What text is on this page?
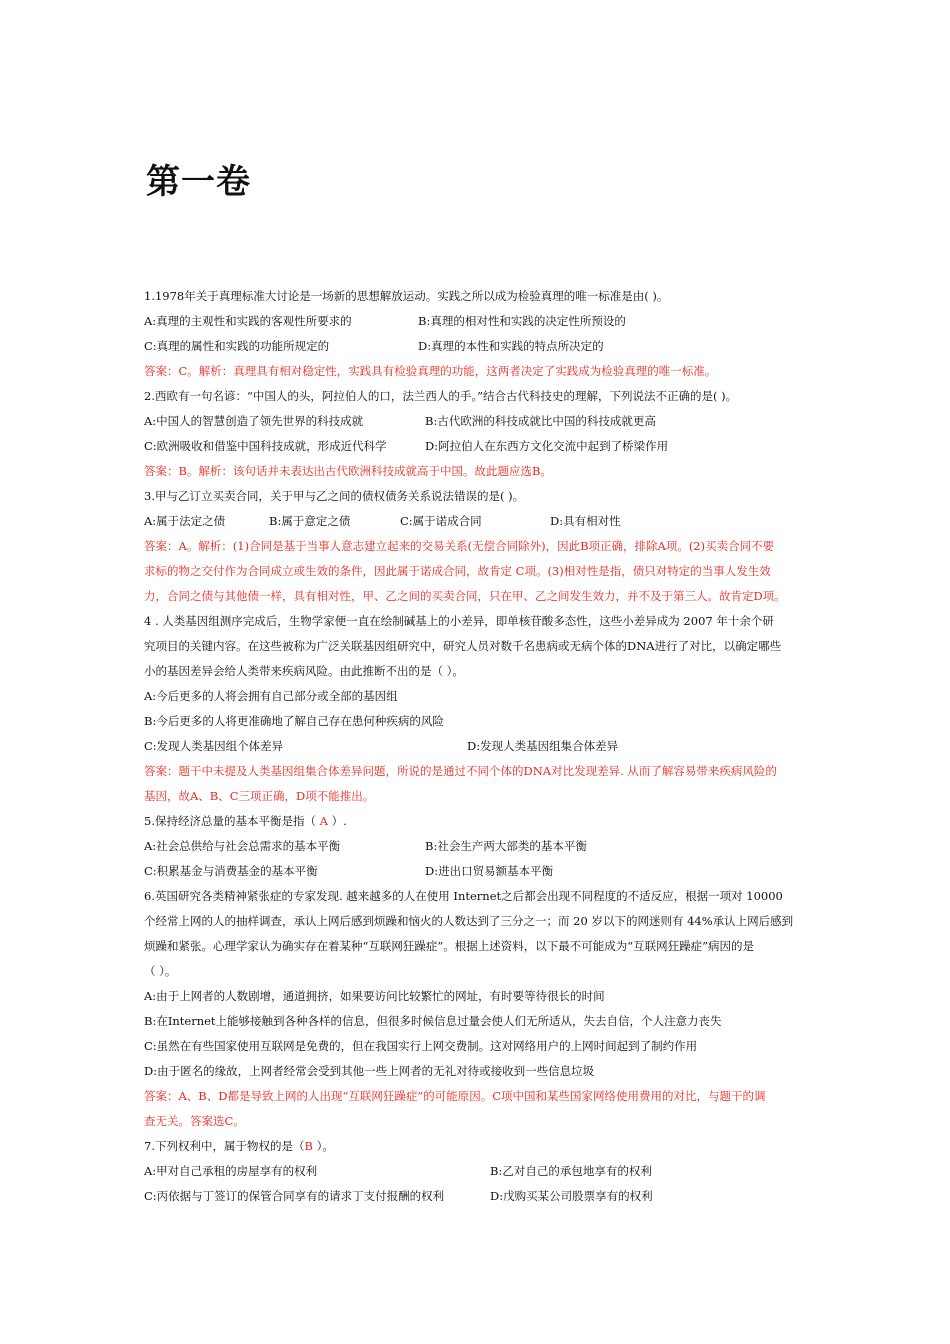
第一卷
1.1978年关于真理标准大讨论是一场新的思想解放运动。实践之所以成为检验真理的唯一标准是由( )。
A:真理的主观性和实践的客观性所要求的	B:真理的相对性和实践的决定性所预设的
C:真理的属性和实践的功能所规定的	D:真理的本性和实践的特点所决定的
答案：C。解析：真理具有相对稳定性，实践具有检验真理的功能，这两者决定了实践成为检验真理的唯一标准。
2.西欧有一句名谚：“中国人的头，阿拉伯人的口，法兰西人的手。”结合古代科技史的理解，下列说法不正确的是( )。
A:中国人的智慧创造了领先世界的科技成就	B:古代欧洲的科技成就比中国的科技成就更高
C:欧洲吸收和借鉴中国科技成就，形成近代科学	D:阿拉伯人在东西方文化交流中起到了桥梁作用
答案：B。解析：该句话并未表达出古代欧洲科技成就高于中国。故此题应选B。
3.甲与乙订立买卖合同，关于甲与乙之间的债权债务关系说法错误的是( )。
A:属于法定之债	B:属于意定之债	C:属于诺成合同	D:具有相对性
答案：A。解析：(1)合同是基于当事人意志建立起来的交易关系(无偿合同除外)，因此B项正确，排除A项。(2)买卖合同不要
求标的物之交付作为合同成立或生效的条件，因此属于诺成合同，故肯定 C项。(3)相对性是指，债只对特定的当事人发生效
力，合同之债与其他债一样，具有相对性，甲、乙之间的买卖合同，只在甲、乙之间发生效力，并不及于第三人。故肯定D项。
4 . 人类基因组测序完成后，生物学家便一直在绘制碱基上的小差异，即单核苷酸多态性，这些小差异成为 2007 年十余个研
究项目的关键内容。在这些被称为广泛关联基因组研究中，研究人员对数千名患病或无病个体的DNA进行了对比，以确定哪些
小的基因差异会给人类带来疾病风险。由此推断不出的是（ ）。
A:今后更多的人将会拥有自己部分或全部的基因组
B:今后更多的人将更准确地了解自己存在患何种疾病的风险
C:发现人类基因组个体差异	D:发现人类基因组集合体差异
答案：题干中未提及人类基因组集合体差异问题，所说的是通过不同个体的DNA对比发现差异. 从而了解容易带来疾病风险的
基因，故A、B、C三项正确，D项不能推出。
5.保持经济总量的基本平衡是指（ A ）.
A:社会总供给与社会总需求的基本平衡	B:社会生产两大部类的基本平衡
C:积累基金与消费基金的基本平衡	D:进出口贸易额基本平衡
6.英国研究各类精神紧张症的专家发现. 越来越多的人在使用 Internet之后都会出现不同程度的不适反应，根据一项对 10000
个经常上网的人的抽样调查，承认上网后感到烦躁和恼火的人数达到了三分之一；而 20 岁以下的网迷则有 44%承认上网后感到
烦躁和紧张。心理学家认为确实存在着某种“互联网狂躁症”。根据上述资料，以下最不可能成为“互联网狂躁症”病因的是
（ ）。
A:由于上网者的人数剧增，通道拥挤，如果要访问比较繁忙的网址，有时要等待很长的时间
B:在Internet上能够接触到各种各样的信息，但很多时候信息过量会使人们无所适从，失去自信，个人注意力丧失
C:虽然在有些国家使用互联网是免费的，但在我国实行上网交费制。这对网络用户的上网时间起到了制约作用
D:由于匿名的缘故，上网者经常会受到其他一些上网者的无礼对待或接收到一些信息垃圾
答案：A、B、D都是导致上网的人出现“互联网狂躁症”的可能原因。C项中国和某些国家网络使用费用的对比，与题干的调
查无关。答案选C。
7.下列权利中，属于物权的是（B ）。
A:甲对自己承租的房屋享有的权利	B:乙对自己的承包地享有的权利
C:丙依据与丁签订的保管合同享有的请求丁支付报酬的权利	D:戊购买某公司股票享有的权利
